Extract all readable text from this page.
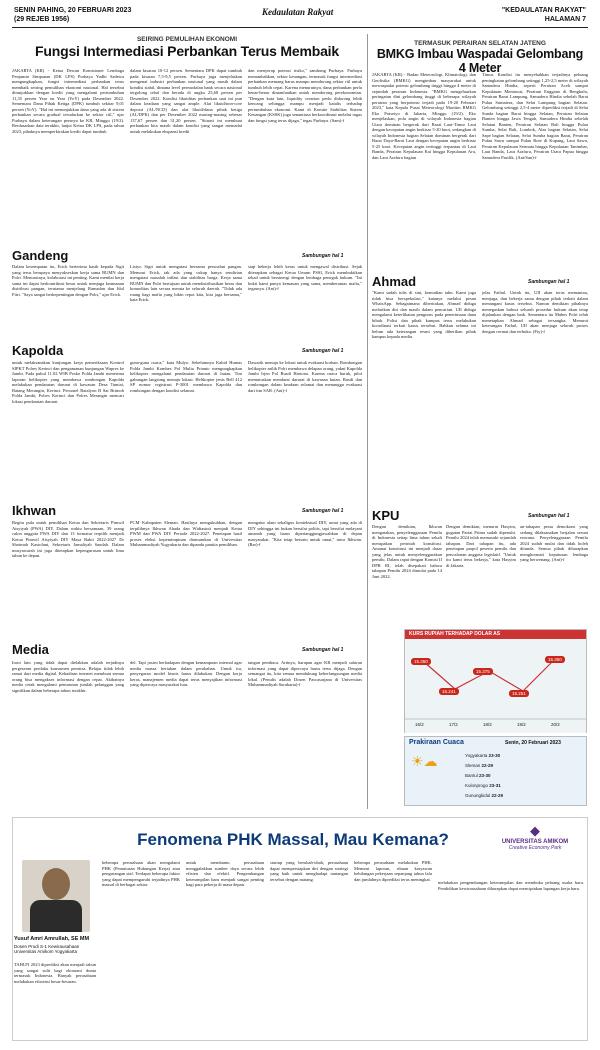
SENIN PAHING, 20 FEBRUARI 2023
(29 REJEB 1956)
Kedaulatan Rakyat	"KEDAULATAN RAKYAT"
HALAMAN 7
SEIRING PEMULIHAN EKONOMI
Fungsi Intermediasi Perbankan Terus Membaik

JAKARTA (KR) - Ketua Dewan Komisioner Lembaga Penjamin Simpanan (DK LPS) Purbaya Yudhi Sadewa mengungkapkan, fungsi intermediasi perbankan terus membaik seiring pemulihan ekonomi nasional. Hal tersebut ditunjukkan dengan kredit yang mengalami pertumbuhan 11,35 persen Year on Year (YoY) pada Desember 2022. Sementara Dana Pihak Ketiga (DPK) tumbuh sekitar 9,01 persen (YoY). "Hal ini menunjukkan dana yang ada di sistem perbankan secara gradual tersalurkan ke sektor riil," ujar Purbaya dalam keterangan persnya ke KR, Minggu (19/2). Berdasarkan data terakhir, lanjut Ketua DK LPS, pada tahun 2023, pihaknya memperkirakan kredit dapat tumbuh

dalam kisaran 10-12 persen. Sementara DPK dapat tumbuh pada kisaran 7,5-9,5 persen. Purbaya juga menjelaskan mengenai industri perbankan nasional yang masih dalam kondisi stabil, dimana level permodalan bank secara nasional tergolong tebal dan berada di angka 25,68 persen per Desember 2022. Kondisi likuiditas perbankan saat ini pun dalam keadaan yang sangat ample. Alat likuid/non-core deposit (AL/NCD) dan alat likuid/dana pihak ketiga (AL/DPK) dan per Desember 2022 masing-masing sebesar 137,67 persen dan 31,20 persen. "Situasi ini membuat perbankan kita masih dalam kondisi yang sangat memadai untuk melakukan ekspansi kredit

dan menyerap potensi risiko," sambung Purbaya. Purbaya menambahkan, sektor keuangan, termasuk fungsi intermediasi perbankan memang harus mampu mendorong sektor riil untuk tumbuh lebih cepat. Karena menurutnya, dana perbankan perlu benar-benar dimanfaatkan untuk mendorong perekonomian. "Dengan kata lain, liquidity creation perlu didorong lebih kencang sehingga mampu menjadi katalis terhadap pertumbuhan ekonomi. Kami di Komite Stabilitas Sistem Keuangan (KSSK) juga senantiasa berkoordinasi melalui tugas dan fungsi yang terus dijaga," tegas Purbaya. (Sam)-f

TERMASUK PERAIRAN SELATAN JATENG
BMKG Imbau Waspadai Gelombang 4 Meter

JAKARTA (KR) - Badan Meteorologi, Klimatologi, dan Geofisika (BMKG) mengimbau masyarakat untuk mewaspadai potensi gelombang tinggi hingga 4 meter di sejumlah perairan Indonesia. "BMKG mengeluarkan peringatan dini gelombang tinggi di beberapa wilayah perairan yang berpotensi terjadi pada 19-20 Februari 2023," kata Kepala Pusat Meteorologi Maritim BMKG Eko Prasetyo di Jakarta, Minggu (19/2). Eko menjelaskan, pola angin di wilayah Indonesia bagian Utara dominan bergerak dari Barat Laut-Timur Laut dengan kecepatan angin berkisar 5-20 knot, sedangkan di wilayah Indonesia bagian Selatan dominan bergerak dari Barat Daya-Barat Laut dengan kecepatan angin berkisar 5-25 knot. Kecepatan angin tertinggi terpantau di Laut Banda, Perairan Kepulauan Kai hingga Kepulauan Aru, dan Laut Arafuru bagian

Timur. Kondisi itu menyebabkan terjadinya peluang peningkatan gelombang setinggi 1,25-2,5 meter di wilayah Samudera Hindia, seperti Perairan Aceh sampai Kepulauan Mentawai, Perairan Enggano di Bengkulu, Perairan Barat Lampung, Samudera Hindia sebelah Barat Pulau Sumatera, dan Selat Lampung bagian Selatan. Gelombang setinggi 2,5-4 meter diprediksi terjadi di Selat Sunda bagian Barat hingga Selatan, Perairan Selatan Banten hingga Jawa Tengah, Samudera Hindia sebelah Selatan Banten, Perairan Selatan Bali hingga Pulau Sumba, Selat Bali, Lombok, Alas bagian Selatan, Selat Sape bagian Selatan, Selat Sumba bagian Barat, Perairan Pulau Sawu sampai Pulau Rote di Kupang, Laut Sawu, Perairan Kepulauan Sermata hingga Kepulauan Tanimbar, Laut Banda, Laut Arafuru, Perairan Utara Papua hingga Samudera Pasifik. (Ant/San)-f

Gandeng	Sambungan hal 1

Dalam kesempatan itu, Erick berterima kasih kepada Sigit yang terus berupaya menyukseskan kerja sama BUMN dan Polri. Menurutnya, kolaborasi ini penting. Kami menilai kerja sama ini dapat berkontribusi besar untuk menjaga keamanan distribusi pangan, terutama menjelang Ramadan dan Idul Fitri. "Saya sangat berkepentingan dengan Polri," ujar Erick.

Listyo Sigit untuk mengatasi bersama persoalan pangan. Menurut Erick, tak ada yang cukup hanya sendirian mengatasi masalah inflasi dan stabilitas harga. Kerja sama BUMN dan Polri bertujuan untuk mendistribusikan beras dan komoditas lain secara merata ke seluruh daerah. "Tidak ada ruang bagi mafia yang bikin repot kita, kita jaga bersama," kata Erick.

siap bekerja lebih keras untuk mengawal distribusi. Sejak diterapkan sebagai Ketua Umum PSSI, Erick membuktikan tekad untuk bersinergi dengan lembaga penegak hukum. "Ini bukti kami punya kemauan yang sama, memberantas mafia," tegasnya. (Ant)-f

Kapolda	Sambungan hal 1

untuk melaksanakan kunjungan kerja pemeriksaan Kontrol SIPKT Polres Kerinci dan pengamanan kunjungan Wapres ke Jambi. Pada pukul 11.02 WIB Posko Polda Jambi menerima laporan helikopter yang membawa rombongan Kapolda melakukan pendaratan darurat di kawasan Desa Tamiai, Batang Merangin, Kerinci. Personel Batalyon B Sat Brimob Polda Jambi, Polres Kerinci dan Polres Merangin mencari lokasi pendaratan darurat.

guna-guna cuaca," kata Mulyo. Sebelumnya Kabid Humas Polda Jambi Kombes Pol Mulia Prianto mengungkapkan helikopter mengalami pendaratan darurat di hutan. Tim gabungan langsung menuju lokasi. Helikopter jenis Bell 412 SP nomor registrasi P-3001 membawa Kapolda dan rombongan dengan kondisi selamat.

Dawarik menuju ke lokasi untuk evakuasi korban. Rombongan helikopter milik Polri membawa delapan orang, yakni Kapolda Jambi Irjen Pol Rusdi Hartono. Karena cuaca buruk, pilot memutuskan mendarat darurat di kawasan hutan. Rusdi dan rombongan dalam keadaan selamat dan menunggu evakuasi dari tim SAR. (Ant)-f

Ikhwan	Sambungan hal 1

Begitu pula untuk pemilihan Ketua dan Sekretaris Pimwil Aisyiyah (PWA) DIY. Dalam waktu bersamaan, 39 orang calon anggota PWA DIY dan 13 formatur terpilih menjadi Ketua Pimwil Aisyiyah DIY Masa Bakti 2022-2027 Dr Shoimah Kastolani, Sekretaris Jamaliyah Saudah. Dalam musyawarah ini juga ditetapkan kepengurusan untuk lima tahun ke depan.

PCM Kabupaten Sleman. Hasilnya mengukuhkan, dengan terpilihnya Ikhwan Ahada dan Widiastuti menjadi Ketua PWM dan PWA DIY Periode 2022-2027. Penetapan hasil proses eleksi kepemimpinan diumumkan di Universitas Muhammadiyah Yogyakarta dan dipandu panitia pemilihan.

mengatur alam sekaligus kontekstual DIY, umat yang ada di DIY sehingga ini bukan bersifat politis, tapi bersifat melayani amanah yang harus dipertanggungjawabkan di depan masyarakat. "Kita tetap bersatu untuk umat," tutur Ikhwan. (Rar)-f

Media	Sambungan hal 1

Ironi lain yang tidak dapat dielakkan adalah terjadinya pergeseran perilaku konsumen pemirsa. Belajar tidak lebih ramai dari media digital. Kehadiran internet membuat semua orang bisa mengakses informasi dengan cepat. Akibatnya media cetak mengalami penurunan jumlah pelanggan yang signifikan dalam beberapa tahun terakhir.

del. Tapi justru berhadapan dengan kemampuan internal agar media massa bertahan dalam perubahan. Untuk itu, penyegaran model bisnis harus dilakukan. Dengan kerja keras, manajemen media dapat terus menyajikan informasi yang dipercaya masyarakat luas.

tangan pembaca. Artinya, harapan agar KR menjadi saluran informasi yang dapat dipercaya harus terus dijaga. Dengan semangat itu, kita semua mendukung keberlangsungan media lokal. (Penulis adalah Dosen Pascasarjana di Universitas Muhammadiyah Surakarta)-f

Ahmad	Sambungan hal 1

"Kami sudah tulis di sini, kemudian tahu. Kami juga tidak bisa berspekulasi," katanya melalui pesan WhatsApp. Sebagaimana diberitakan, Ahmad diduga melarikan diri dan masih dalam pencarian. UII diduga mengalami keterlibatan pengurus pada penerimaan dana hibah. Polisi dan pihak kampus terus melakukan koordinasi terkait kasus tersebut. Bahkan selama ini belum ada keterangan resmi yang diberikan pihak kampus kepada media.

jelas Fathul. Untuk itu, UII akan terus memantau, menjaga, dan bekerja sama dengan pihak terkait dalam menangani kasus tersebut. Namun demikian pihaknya menegaskan bahwa seluruh prosedur hukum akan tetap dijalankan dengan baik. Sementara itu Mabes Polri telah menetapkan Ahmad sebagai tersangka. Menurut keterangan Fathul, UII akan menjaga seluruh proses dengan cermat dan terbuka. (Fiy)-f

KPU	Sambungan hal 1

Dengan demikian, Ikhwan mengatakan, penyelenggaraan Pemilu di Indonesia setiap lima tahun sekali merupakan perintah konstitusi. Amanat konstitusi ini menjadi dasar yang jelas untuk menyelenggarakan pemilu. Dalam rapat dengan Komisi II DPR RI, telah disepakati bahwa tahapan Pemilu 2024 dimulai pada 14 Juni 2022.

Dengan demikian, menurut Hasyim, gugatan Partai Prima sudah dipenuhi. Pemilu 2024 telah memasuki sejumlah tahapan. Dari tahapan itu, ada penetapan parpol peserta pemilu dan pencalonan anggota legislatif. "Untuk itu kami terus bekerja," kata Hasyim di Jakarta.

an-tahapan pesta demokrasi yang sedang dilaksanakan berjalan sesuai rencana. Penyelenggaraan Pemilu 2024 sudah mulai dan tidak boleh ditunda. Semua pihak diharapkan menghormati keputusan lembaga yang berwenang. (Ant)-f

KURS RUPIAH TERHADAP DOLAR AS
15.350
15.241
15.375
15.251
15.350
16/2	17/2	18/2	19/2	20/2
Prakiraan Cuaca	Senin, 20 Februari 2023
☀☁	Yogyakarta 23-30
Sleman 22-29
Bantul 23-30
Kulonprogo 23-31
Gunungkidul 22-29
Fenomena PHK Massal, Mau Kemana?	◆
UNIVERSITAS AMIKOM
Creative Economy Park
Yusuf Amri Amrullah, SE MM
Dosen Prodi S-1 Kewirausahaan Universitas Amikom Yogyakarta

TAHUN 2023 diprediksi akan menjadi tahun yang sangat sulit bagi ekonomi dunia termasuk Indonesia. Banyak perusahaan melakukan efisiensi besar-besaran.

beberapa perusahaan akan mengalami PHK (Pemutusan Hubungan Kerja) atau pengurangan staf. Terdapat beberapa faktor yang dapat mempengaruhi terjadinya PHK massal di berbagai sektor.

untuk membantu perusahaan menggalakkan sumber daya secara lebih efisien dan efektif. Pengembangan keterampilan baru menjadi sangat penting bagi para pekerja di masa depan.

startup yang berubah-ubah, perusahaan dapat mempersiapkan diri dengan strategi yang baik untuk menghadapi tantangan tersebut dengan matang.

beberapa perusahaan melakukan PHK. Menurut laporan, ribuan karyawan kehilangan pekerjaan sepanjang tahun lalu dan jumlahnya diprediksi terus meningkat.

melakukan pengembangan keterampilan dan membuka peluang usaha baru. Pendidikan kewirausahaan diharapkan dapat menciptakan lapangan kerja baru.
